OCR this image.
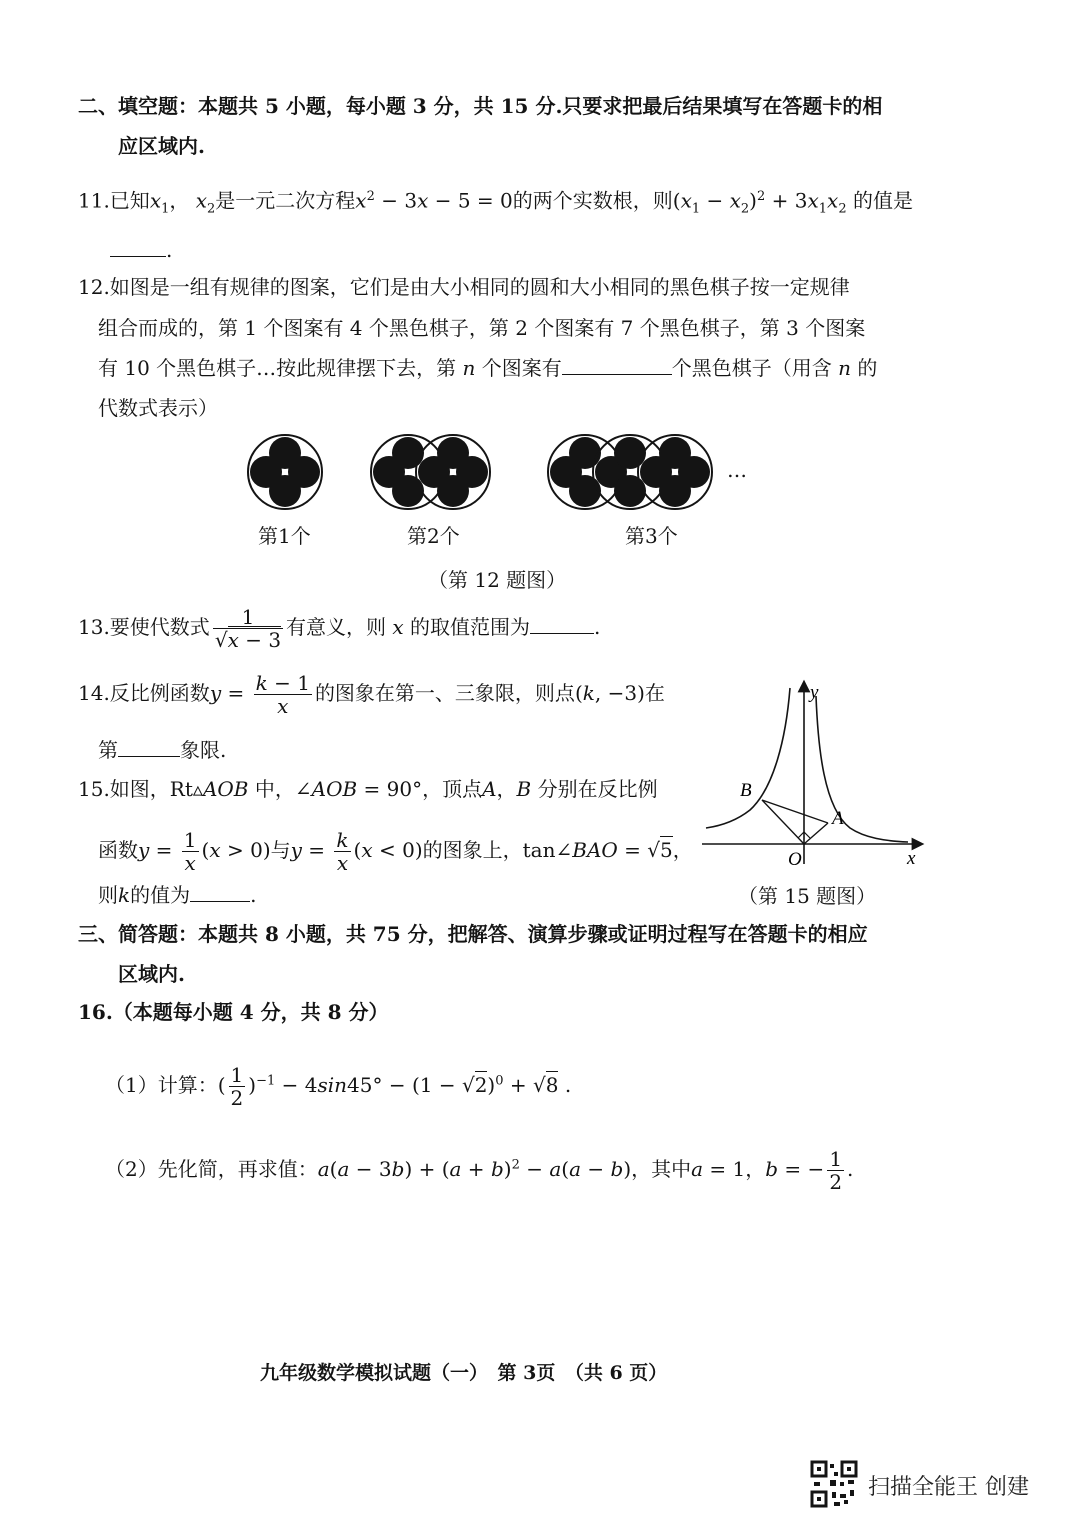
二、填空题：本题共 5 小题，每小题 3 分，共 15 分.只要求把最后结果填写在答题卡的相
应区域内.
11.已知$x_1$， $x_2$是一元二次方程$x^2 - 3x - 5 = 0$的两个实数根，则$(x_1 - x_2)^2 + 3x_1x_2$ 的值是
.
12.如图是一组有规律的图案，它们是由大小相同的圆和大小相同的黑色棋子按一定规律
组合而成的，第 1 个图案有 4 个黑色棋子，第 2 个图案有 7 个黑色棋子，第 3 个图案
有 10 个黑色棋子…按此规律摆下去，第 n 个图案有	个黑色棋子（用含 n 的
代数式表示）
…
第1个	第2个	第3个
（第 12 题图）
13.要使代数式 $\frac{1}{√x - 3}$ 有意义，则 x 的取值范围为	.
14.反比例函数$y = \frac{k - 1}{x}$ 的图象在第一、三象限，则点(k, −3)在
第	象限.
15.如图，Rt▵AOB 中，∠AOB = 90°，顶点A，B 分别在反比例
函数$y = \frac{1}{x} (x > 0)$与$y = \frac{k}{x} (x < 0)$的图象上，tan∠BAO = √5，
则k的值为	.
y
x
O
A
B
（第 15 题图）
三、简答题：本题共 8 小题，共 75 分，把解答、演算步骤或证明过程写在答题卡的相应
区域内.
16.（本题每小题 4 分，共 8 分）
（1）计算：( $\frac{1}{2} )^{-1} - 4\sin 45^\circ - (1 - √2)^0 + √8$ .
（2）先化简，再求值：$a(a - 3b) + (a + b)^2 - a(a - b)$，其中a = 1，b = − $\frac{1}{2}$ .
九年级数学模拟试题（一）　第 3页　（共 6 页）
扫描全能王 创建
